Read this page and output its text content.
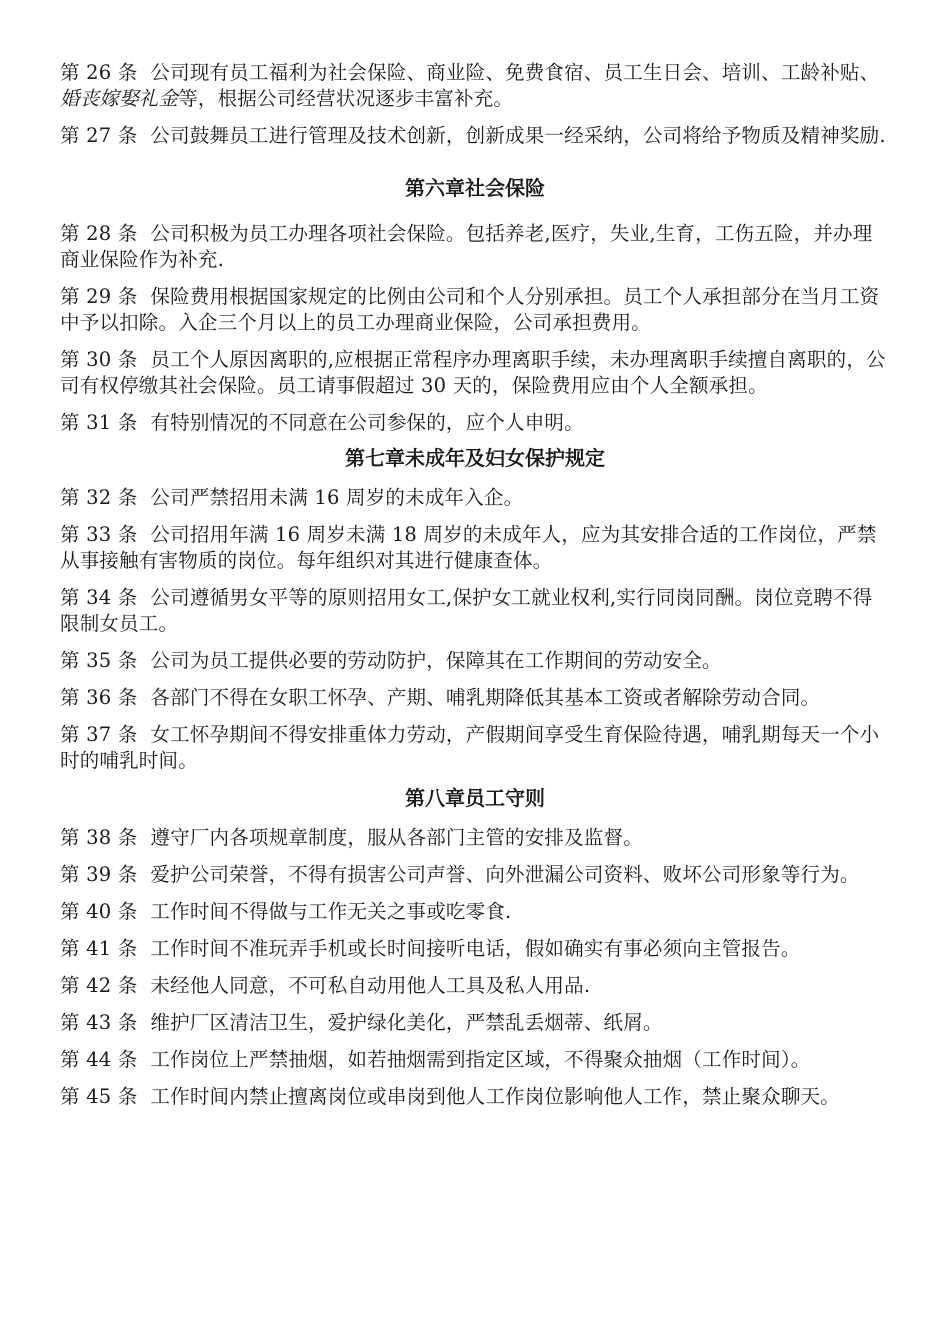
第 26 条 公司现有员工福利为社会保险、商业险、免费食宿、员工生日会、培训、工龄补贴、婚丧嫁娶礼金等，根据公司经营状况逐步丰富补充。

第 27 条 公司鼓舞员工进行管理及技术创新，创新成果一经采纳，公司将给予物质及精神奖励.

第六章社会保险

第 28 条 公司积极为员工办理各项社会保险。包括养老,医疗，失业,生育，工伤五险，并办理商业保险作为补充.

第 29 条 保险费用根据国家规定的比例由公司和个人分别承担。员工个人承担部分在当月工资中予以扣除。入企三个月以上的员工办理商业保险，公司承担费用。

第 30 条 员工个人原因离职的,应根据正常程序办理离职手续，未办理离职手续擅自离职的，公司有权停缴其社会保险。员工请事假超过 30 天的，保险费用应由个人全额承担。

第 31 条 有特别情况的不同意在公司参保的，应个人申明。

第七章未成年及妇女保护规定

第 32 条 公司严禁招用未满 16 周岁的未成年入企。

第 33 条 公司招用年满 16 周岁未满 18 周岁的未成年人，应为其安排合适的工作岗位，严禁从事接触有害物质的岗位。每年组织对其进行健康查体。

第 34 条 公司遵循男女平等的原则招用女工,保护女工就业权利,实行同岗同酬。岗位竞聘不得限制女员工。

第 35 条 公司为员工提供必要的劳动防护，保障其在工作期间的劳动安全。

第 36 条 各部门不得在女职工怀孕、产期、哺乳期降低其基本工资或者解除劳动合同。

第 37 条 女工怀孕期间不得安排重体力劳动，产假期间享受生育保险待遇，哺乳期每天一个小时的哺乳时间。

第八章员工守则

第 38 条 遵守厂内各项规章制度，服从各部门主管的安排及监督。

第 39 条 爱护公司荣誉，不得有损害公司声誉、向外泄漏公司资料、败坏公司形象等行为。

第 40 条 工作时间不得做与工作无关之事或吃零食.

第 41 条 工作时间不准玩弄手机或长时间接听电话，假如确实有事必须向主管报告。

第 42 条 未经他人同意，不可私自动用他人工具及私人用品.

第 43 条 维护厂区清洁卫生，爱护绿化美化，严禁乱丢烟蒂、纸屑。

第 44 条 工作岗位上严禁抽烟，如若抽烟需到指定区域，不得聚众抽烟（工作时间）。

第 45 条 工作时间内禁止擅离岗位或串岗到他人工作岗位影响他人工作，禁止聚众聊天。
